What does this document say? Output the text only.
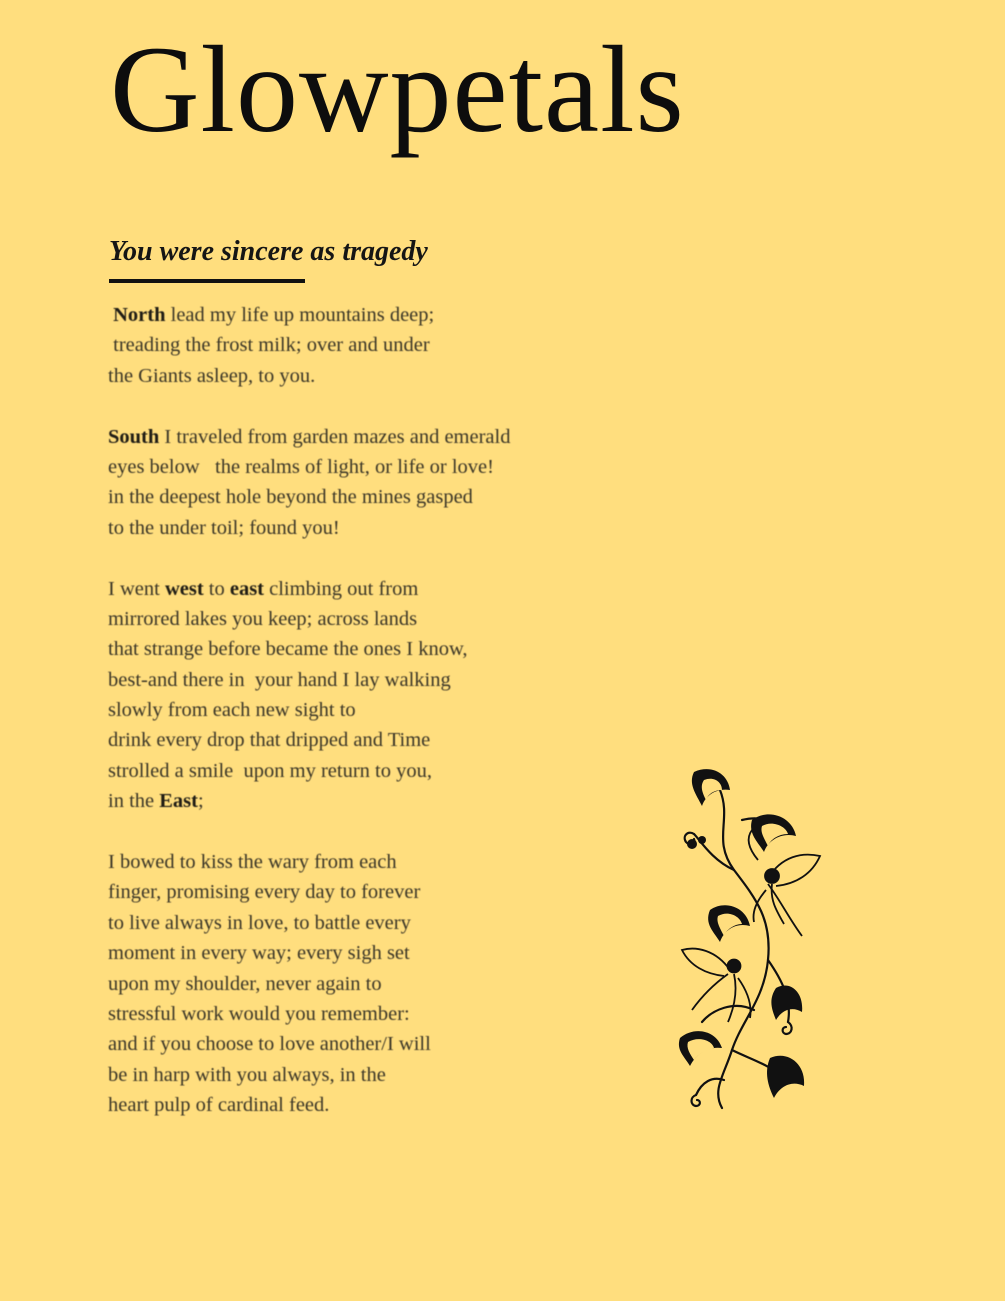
Glowpetals
You were sincere as tragedy
North lead my life up mountains deep;
treading the frost milk; over and under
the Giants asleep, to you.
South I traveled from garden mazes and emerald
eyes below   the realms of light, or life or love!
in the deepest hole beyond the mines gasped
to the under toil; found you!
I went west to east climbing out from
mirrored lakes you keep; across lands
that strange before became the ones I know,
best-and there in  your hand I lay walking
slowly from each new sight to
drink every drop that dripped and Time
strolled a smile  upon my return to you,
in the East;
I bowed to kiss the wary from each
finger, promising every day to forever
to live always in love, to battle every
moment in every way; every sigh set
upon my shoulder, never again to
stressful work would you remember:
and if you choose to love another/I will
be in harp with you always, in the
heart pulp of cardinal feed.
